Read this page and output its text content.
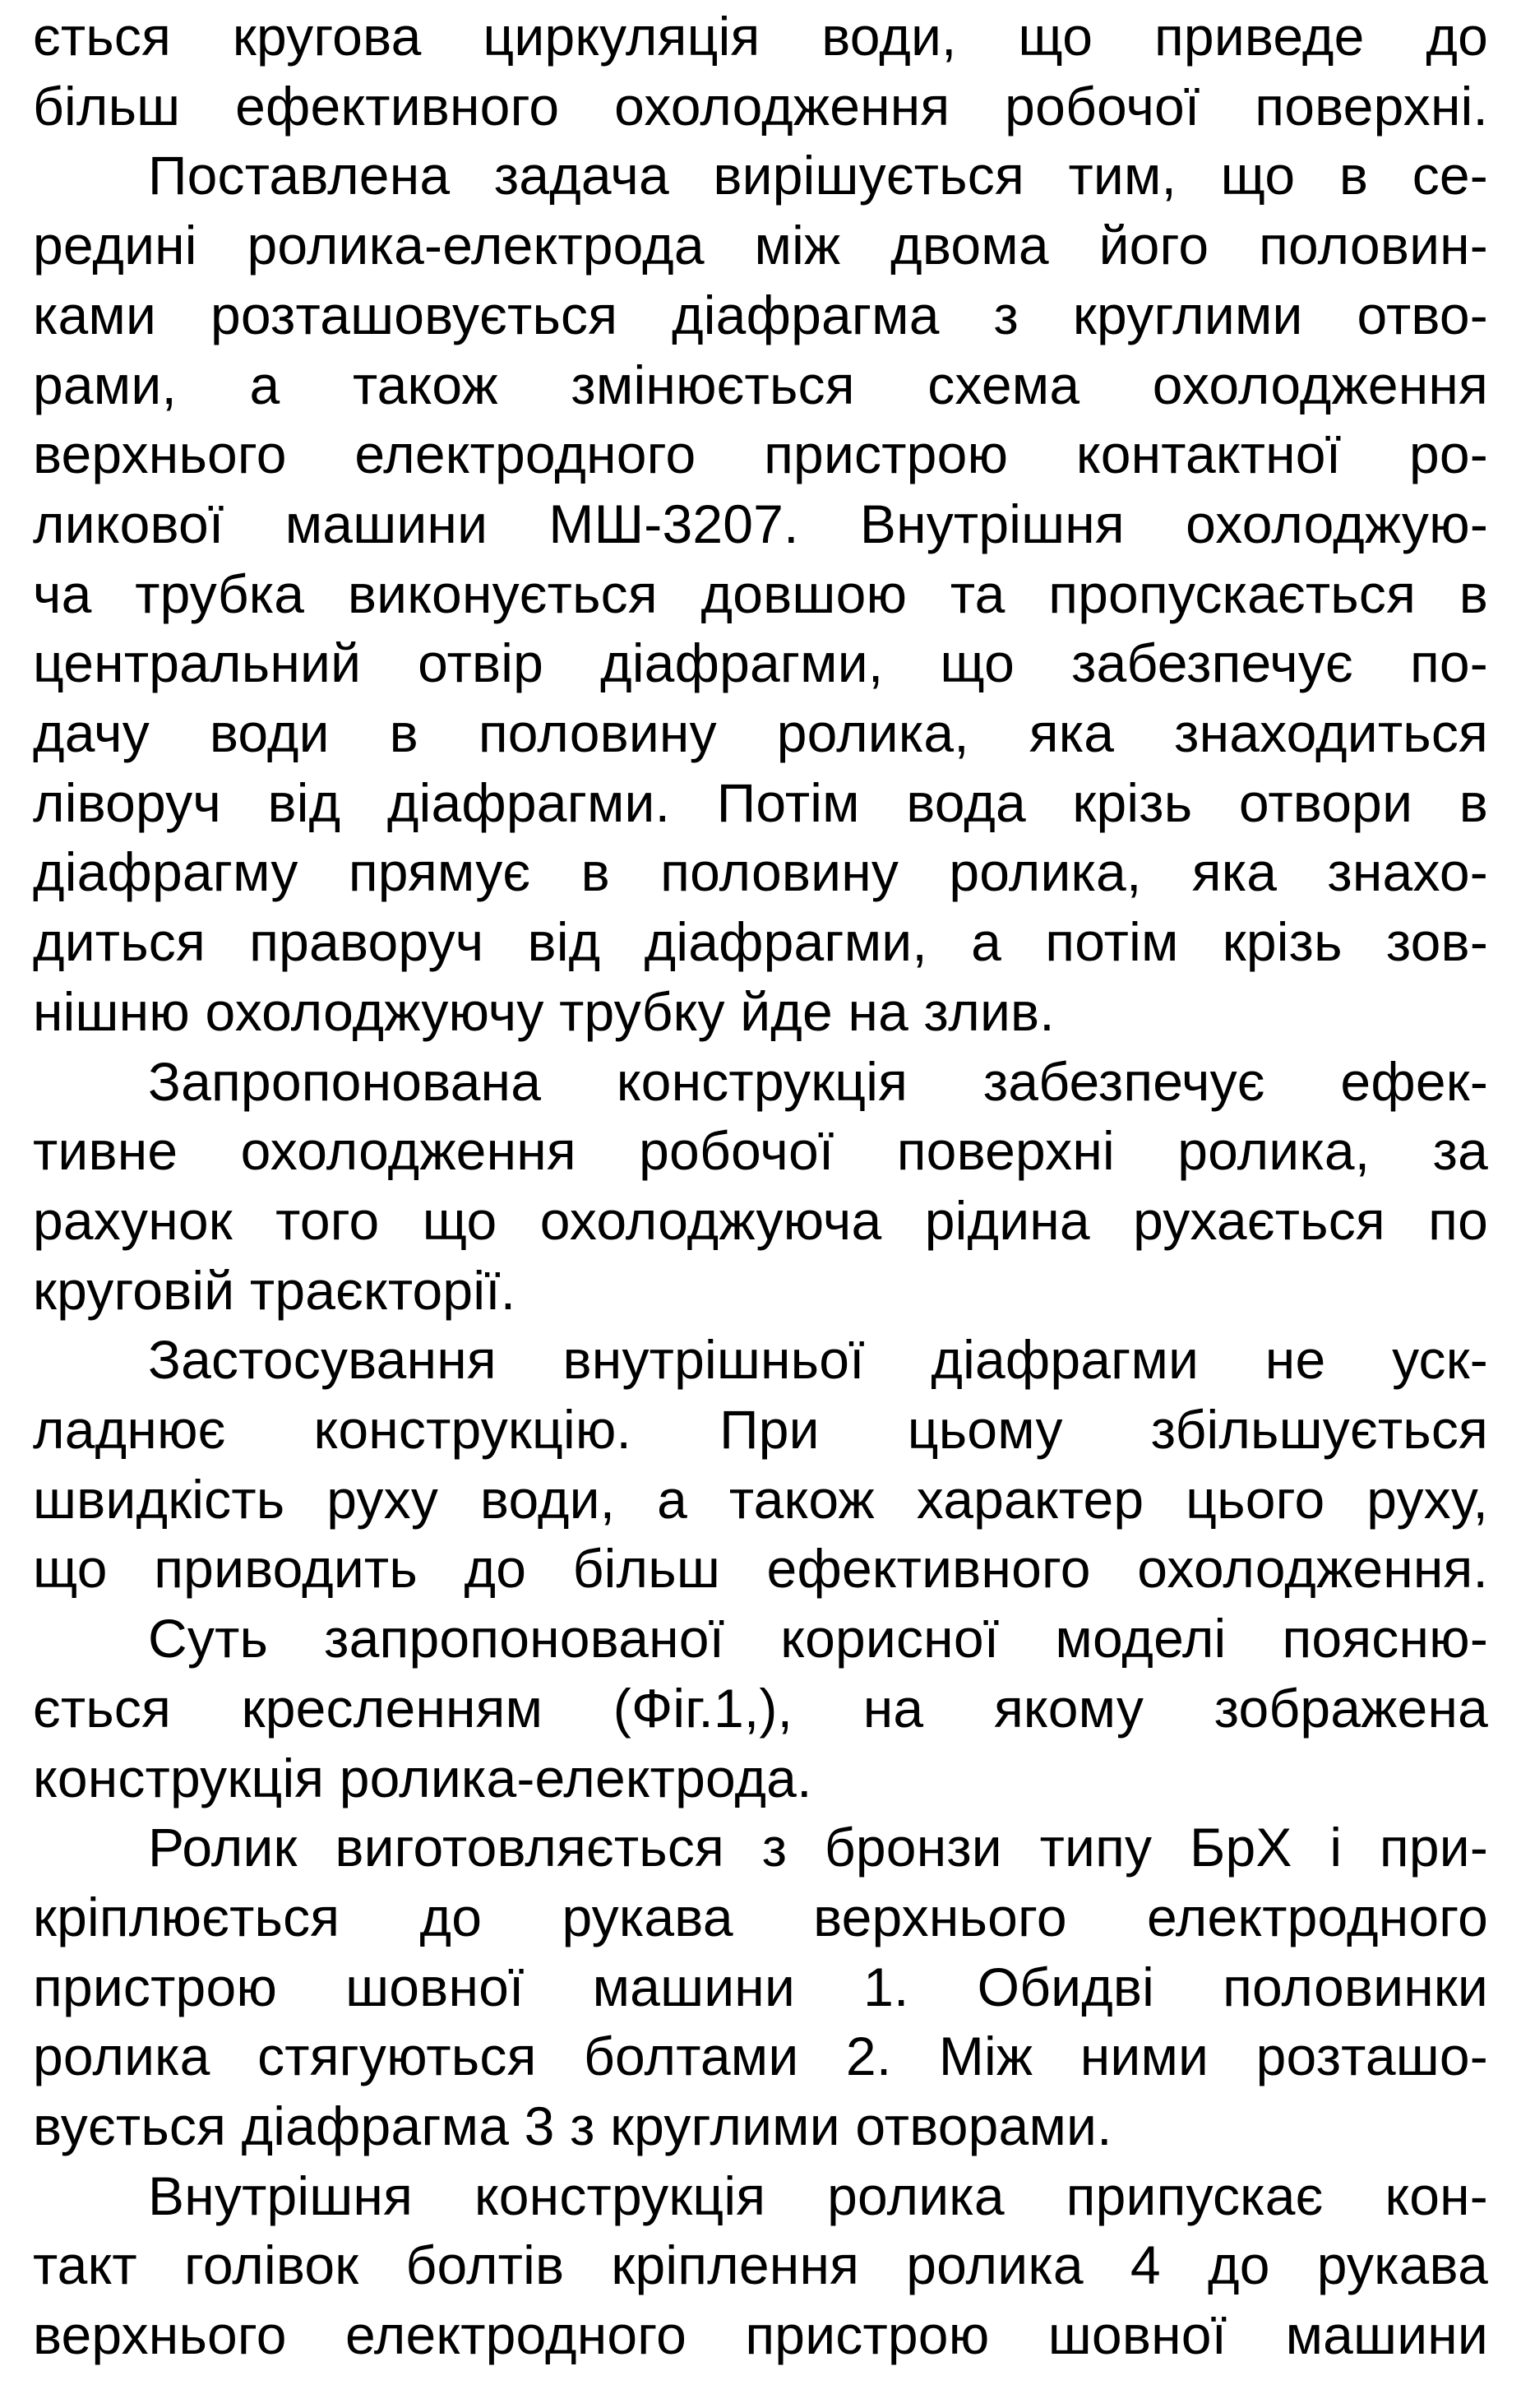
ється кругова циркуляція води, що приведе до
більш ефективного охолодження робочої поверхні.
Поставлена задача вирішується тим, що в се-
редині ролика-електрода між двома його половин-
ками розташовується діафрагма з круглими отво-
рами, а також змінюється схема охолодження
верхнього електродного пристрою контактної ро-
ликової машини МШ-3207. Внутрішня охолоджую-
ча трубка виконується довшою та пропускається в
центральний отвір діафрагми, що забезпечує по-
дачу води в половину ролика, яка знаходиться
ліворуч від діафрагми. Потім вода крізь отвори в
діафрагму прямує в половину ролика, яка знахо-
диться праворуч від діафрагми, а потім крізь зов-
нішню охолоджуючу трубку йде на злив.
Запропонована конструкція забезпечує ефек-
тивне охолодження робочої поверхні ролика, за
рахунок того що охолоджуюча рідина рухається по
круговій траєкторії.
Застосування внутрішньої діафрагми не уск-
ладнює конструкцію. При цьому збільшується
швидкість руху води, а також характер цього руху,
що приводить до більш ефективного охолодження.
Суть запропонованої корисної моделі поясню-
ється кресленням (Фіг.1,), на якому зображена
конструкція ролика-електрода.
Ролик виготовляється з бронзи типу БрХ і при-
кріплюється до рукава верхнього електродного
пристрою шовної машини 1. Обидві половинки
ролика стягуються болтами 2. Між ними розташо-
вується діафрагма 3 з круглими отворами.
Внутрішня конструкція ролика припускає кон-
такт голівок болтів кріплення ролика 4 до рукава
верхнього електродного пристрою шовної машини
